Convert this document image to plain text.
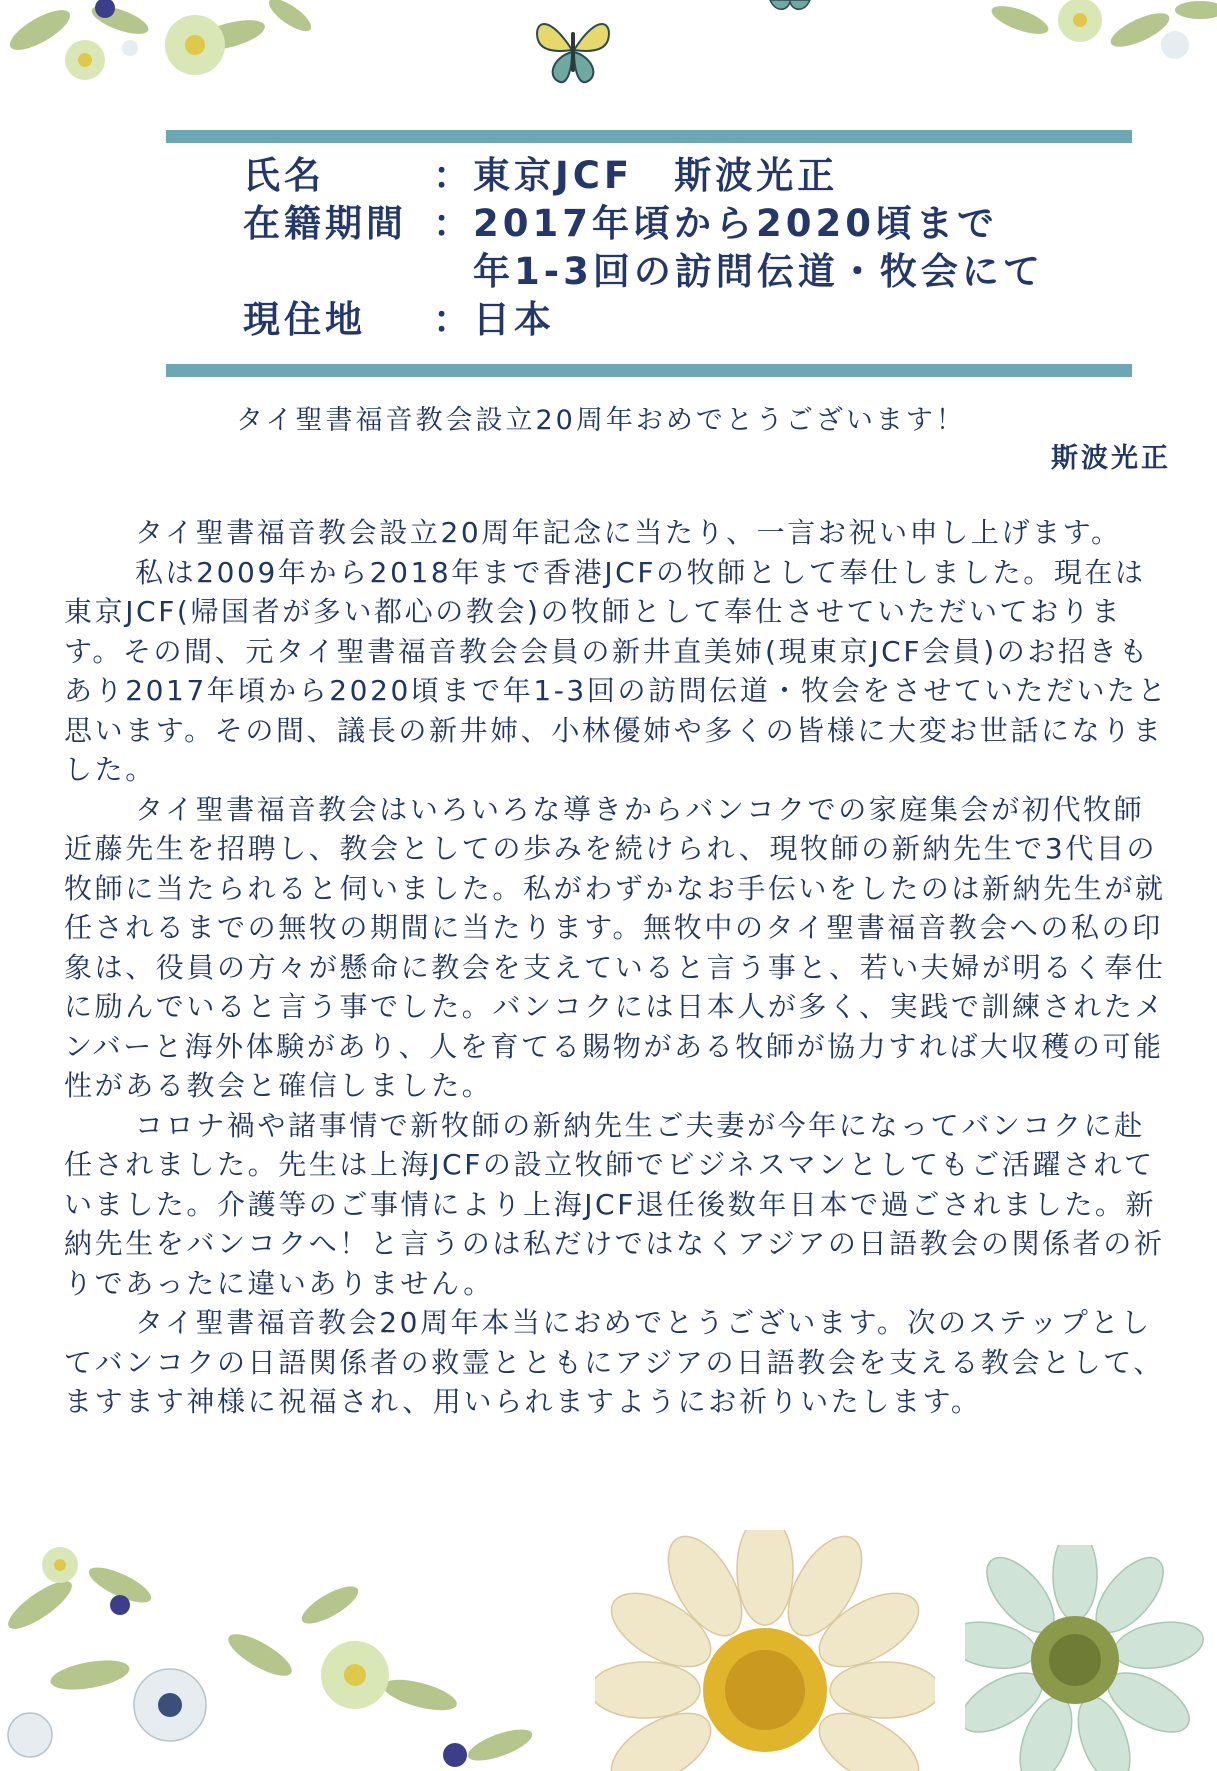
氏名	： 東京JCF　斯波光正
在籍期間 ： 2017年頃から2020頃まで
年1-3回の訪問伝道・牧会にて
現住地	： 日本
タイ聖書福音教会設立20周年おめでとうございます！
斯波光正

タイ聖書福音教会設立20周年記念に当たり、一言お祝い申し上げます。

私は2009年から2018年まで香港JCFの牧師として奉仕しました。現在は東京JCF(帰国者が多い都心の教会)の牧師として奉仕させていただいております。その間、元タイ聖書福音教会会員の新井直美姉(現東京JCF会員)のお招きもあり2017年頃から2020頃まで年1-3回の訪問伝道・牧会をさせていただいたと思います。その間、議長の新井姉、小林優姉や多くの皆様に大変お世話になりました。

タイ聖書福音教会はいろいろな導きからバンコクでの家庭集会が初代牧師近藤先生を招聘し、教会としての歩みを続けられ、現牧師の新納先生で3代目の牧師に当たられると伺いました。私がわずかなお手伝いをしたのは新納先生が就任されるまでの無牧の期間に当たります。無牧中のタイ聖書福音教会への私の印象は、役員の方々が懸命に教会を支えていると言う事と、若い夫婦が明るく奉仕に励んでいると言う事でした。バンコクには日本人が多く、実践で訓練されたメンバーと海外体験があり、人を育てる賜物がある牧師が協力すれば大収穫の可能性がある教会と確信しました。

コロナ禍や諸事情で新牧師の新納先生ご夫妻が今年になってバンコクに赴任されました。先生は上海JCFの設立牧師でビジネスマンとしてもご活躍されていました。介護等のご事情により上海JCF退任後数年日本で過ごされました。新納先生をバンコクへ！と言うのは私だけではなくアジアの日語教会の関係者の祈りであったに違いありません。

タイ聖書福音教会20周年本当におめでとうございます。次のステップとしてバンコクの日語関係者の救霊とともにアジアの日語教会を支える教会として、ますます神様に祝福され、用いられますようにお祈りいたします。
